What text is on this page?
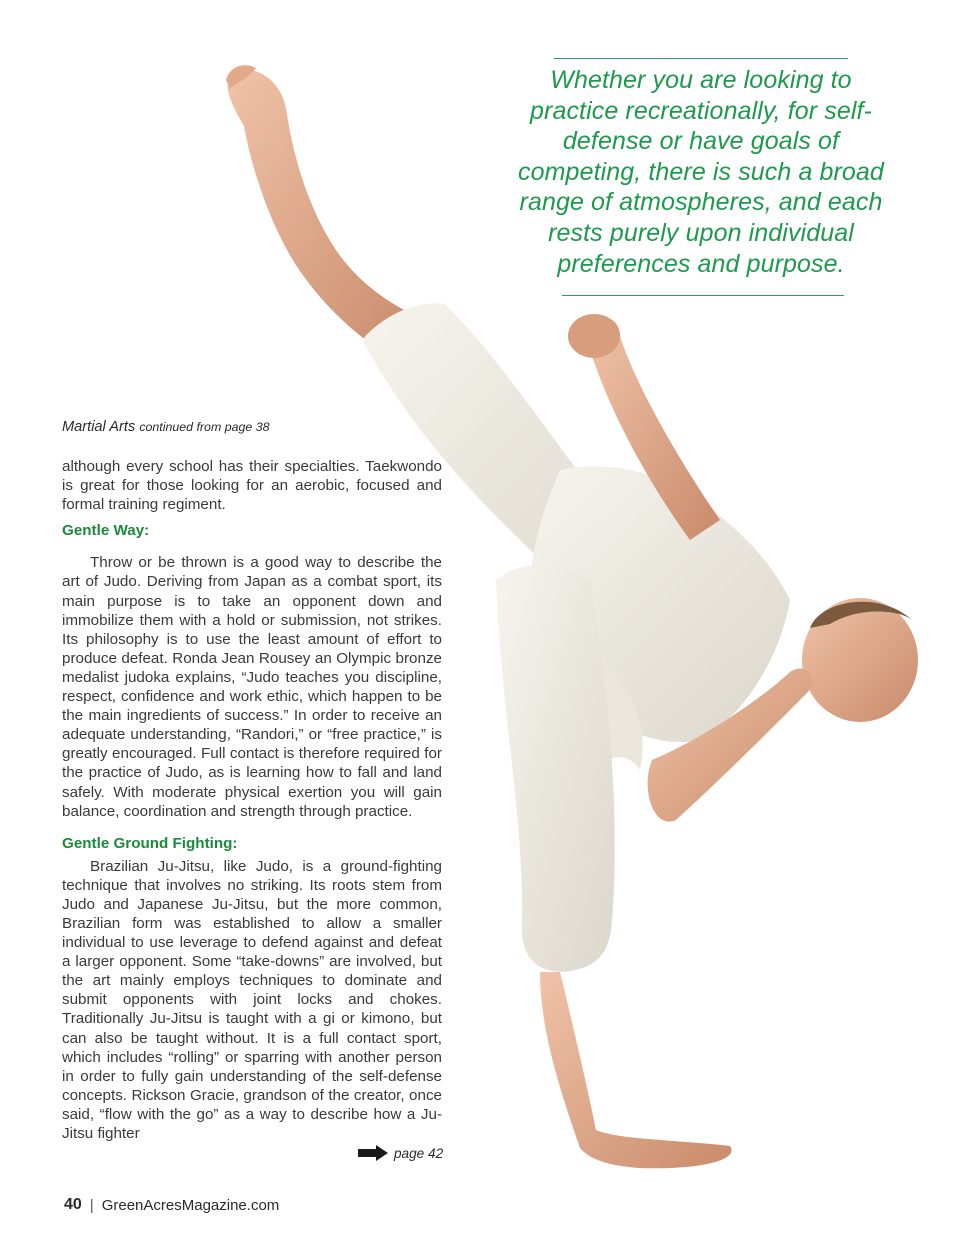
Whether you are looking to practice recreationally, for self-defense or have goals of competing, there is such a broad range of atmospheres, and each rests purely upon individual preferences and purpose.

Martial Arts continued from page 38

although every school has their specialties. Taekwondo is great for those looking for an aerobic, focused and formal training regiment.

Gentle Way:

Throw or be thrown is a good way to describe the art of Judo. Deriving from Japan as a combat sport, its main purpose is to take an opponent down and immobilize them with a hold or submission, not strikes. Its philosophy is to use the least amount of effort to produce defeat. Ronda Jean Rousey an Olympic bronze medalist judoka explains, “Judo teaches you discipline, respect, confidence and work ethic, which happen to be the main ingredients of success.” In order to receive an adequate understanding, “Randori,” or “free practice,” is greatly encouraged. Full contact is therefore required for the practice of Judo, as is learning how to fall and land safely. With moderate physical exertion you will gain balance, coordination and strength through practice.

Gentle Ground Fighting:

Brazilian Ju-Jitsu, like Judo, is a ground-fighting technique that involves no striking. Its roots stem from Judo and Japanese Ju-Jitsu, but the more common, Brazilian form was established to allow a smaller individual to use leverage to defend against and defeat a larger opponent. Some “take-downs” are involved, but the art mainly employs techniques to dominate and submit opponents with joint locks and chokes. Traditionally Ju-Jitsu is taught with a gi or kimono, but can also be taught without. It is a full contact sport, which includes “rolling” or sparring with another person in order to fully gain understanding of the self-defense concepts. Rickson Gracie, grandson of the creator, once said, “flow with the go” as a way to describe how a Ju-Jitsu fighter

page 42
40 | GreenAcresMagazine.com
